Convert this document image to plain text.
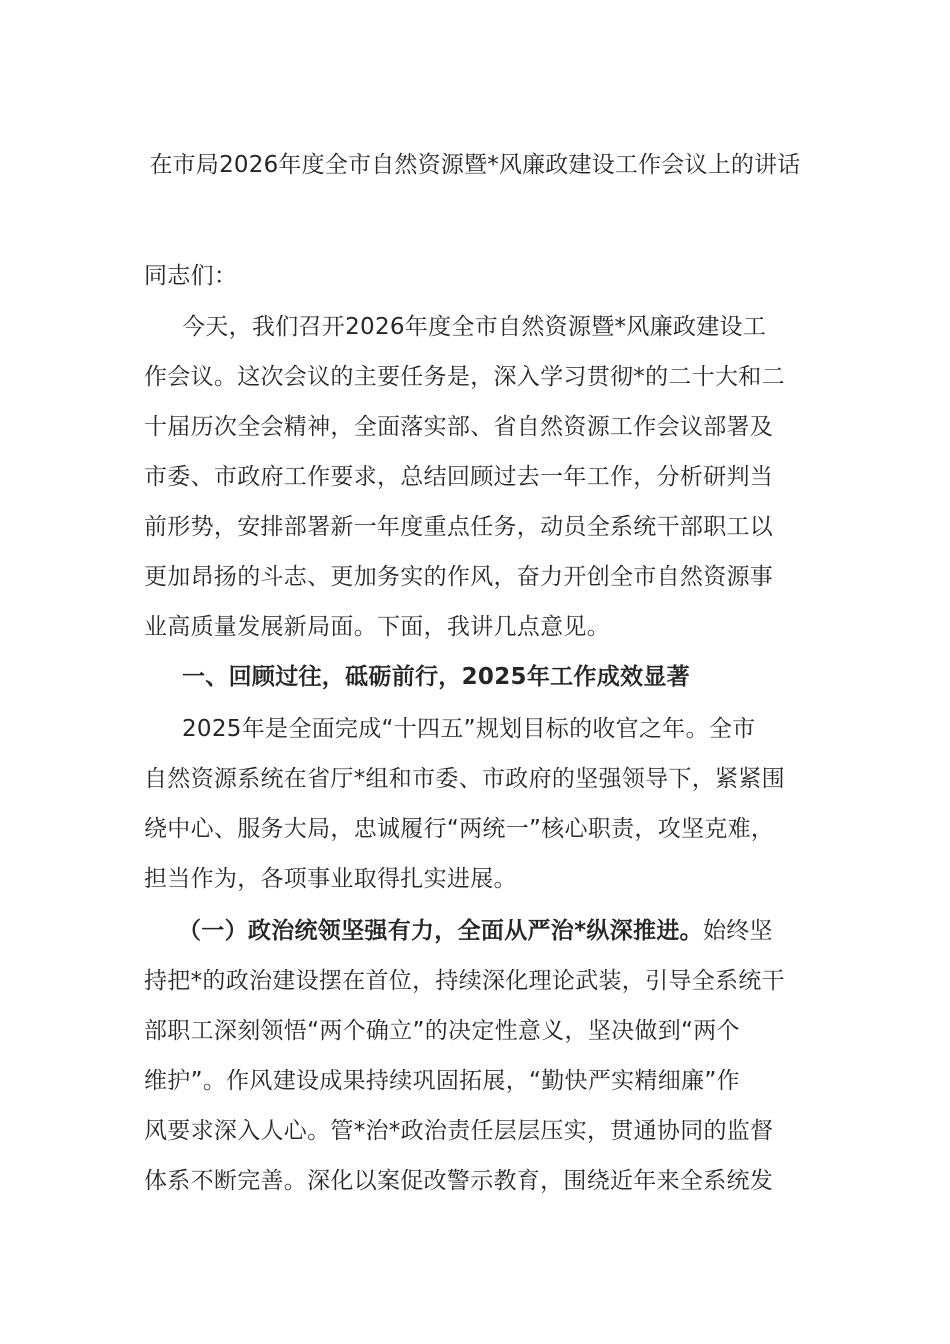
在市局2026年度全市自然资源暨*风廉政建设工作会议上的讲话
同志们：
今天，我们召开2026年度全市自然资源暨*风廉政建设工
作会议。这次会议的主要任务是，深入学习贯彻*的二十大和二
十届历次全会精神，全面落实部、省自然资源工作会议部署及
市委、市政府工作要求，总结回顾过去一年工作，分析研判当
前形势，安排部署新一年度重点任务，动员全系统干部职工以
更加昂扬的斗志、更加务实的作风，奋力开创全市自然资源事
业高质量发展新局面。下面，我讲几点意见。
一、回顾过往，砥砺前行，2025年工作成效显著
2025年是全面完成“十四五”规划目标的收官之年。全市
自然资源系统在省厅*组和市委、市政府的坚强领导下，紧紧围
绕中心、服务大局，忠诚履行“两统一”核心职责，攻坚克难，
担当作为，各项事业取得扎实进展。
（一）政治统领坚强有力，全面从严治*纵深推进。始终坚
持把*的政治建设摆在首位，持续深化理论武装，引导全系统干
部职工深刻领悟“两个确立”的决定性意义，坚决做到“两个
维护”。作风建设成果持续巩固拓展，“勤快严实精细廉”作
风要求深入人心。管*治*政治责任层层压实，贯通协同的监督
体系不断完善。深化以案促改警示教育，围绕近年来全系统发
